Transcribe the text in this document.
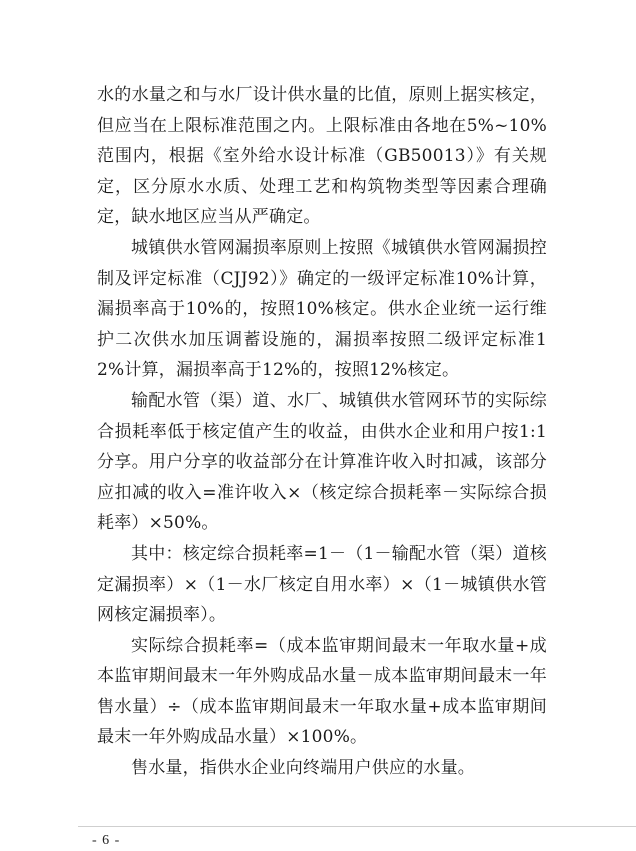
水的水量之和与水厂设计供水量的比值，原则上据实核定，但应当在上限标准范围之内。上限标准由各地在5%~10%范围内，根据《室外给水设计标准（GB50013）》有关规定，区分原水水质、处理工艺和构筑物类型等因素合理确定，缺水地区应当从严确定。

城镇供水管网漏损率原则上按照《城镇供水管网漏损控制及评定标准（CJJ92）》确定的一级评定标准10%计算，漏损率高于10%的，按照10%核定。供水企业统一运行维护二次供水加压调蓄设施的，漏损率按照二级评定标准12%计算，漏损率高于12%的，按照12%核定。

输配水管（渠）道、水厂、城镇供水管网环节的实际综合损耗率低于核定值产生的收益，由供水企业和用户按1:1分享。用户分享的收益部分在计算准许收入时扣减，该部分应扣减的收入=准许收入×（核定综合损耗率－实际综合损耗率）×50%。

其中：核定综合损耗率=1－（1－输配水管（渠）道核定漏损率）×（1－水厂核定自用水率）×（1－城镇供水管网核定漏损率）。

实际综合损耗率=（成本监审期间最末一年取水量+成本监审期间最末一年外购成品水量－成本监审期间最末一年售水量）÷（成本监审期间最末一年取水量+成本监审期间最末一年外购成品水量）×100%。

售水量，指供水企业向终端用户供应的水量。

- 6 -
